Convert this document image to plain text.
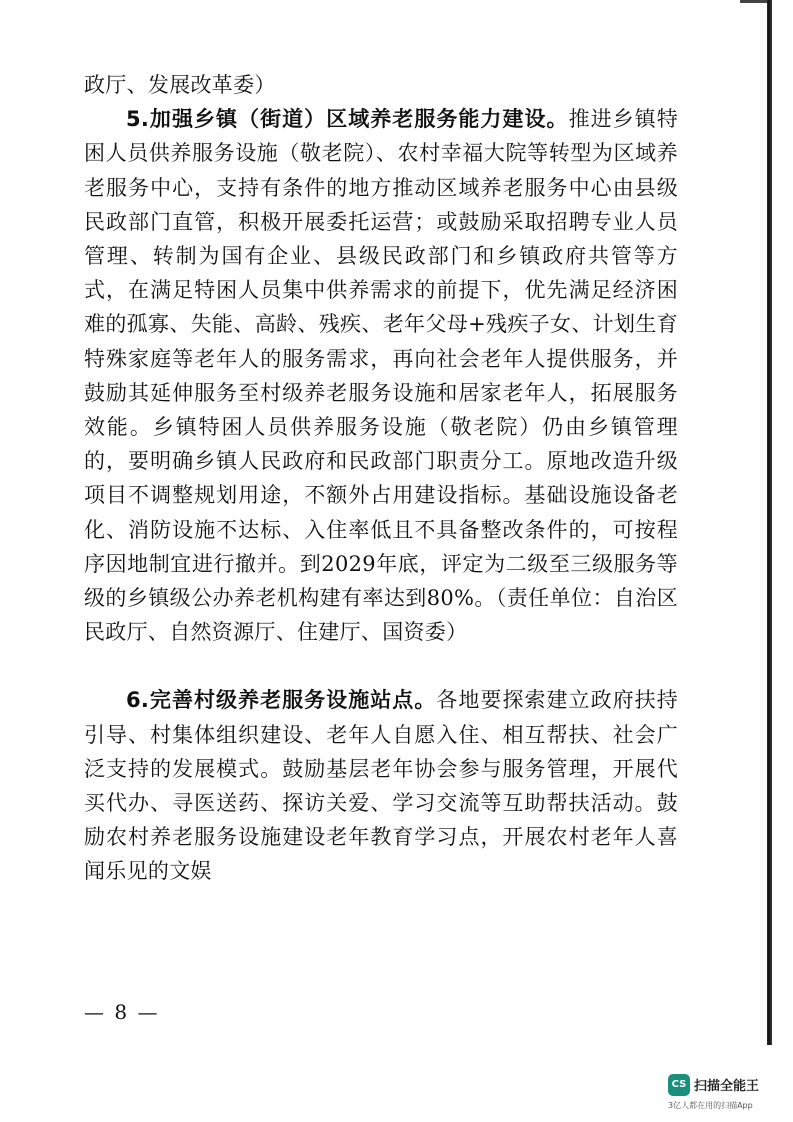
政厅、发展改革委）

5.加强乡镇（街道）区域养老服务能力建设。推进乡镇特困人员供养服务设施（敬老院）、农村幸福大院等转型为区域养老服务中心，支持有条件的地方推动区域养老服务中心由县级民政部门直管，积极开展委托运营；或鼓励采取招聘专业人员管理、转制为国有企业、县级民政部门和乡镇政府共管等方式，在满足特困人员集中供养需求的前提下，优先满足经济困难的孤寡、失能、高龄、残疾、老年父母+残疾子女、计划生育特殊家庭等老年人的服务需求，再向社会老年人提供服务，并鼓励其延伸服务至村级养老服务设施和居家老年人，拓展服务效能。乡镇特困人员供养服务设施（敬老院）仍由乡镇管理的，要明确乡镇人民政府和民政部门职责分工。原地改造升级项目不调整规划用途，不额外占用建设指标。基础设施设备老化、消防设施不达标、入住率低且不具备整改条件的，可按程序因地制宜进行撤并。到2029年底，评定为二级至三级服务等级的乡镇级公办养老机构建有率达到80%。（责任单位：自治区民政厅、自然资源厅、住建厅、国资委）

6.完善村级养老服务设施站点。各地要探索建立政府扶持引导、村集体组织建设、老年人自愿入住、相互帮扶、社会广泛支持的发展模式。鼓励基层老年协会参与服务管理，开展代买代办、寻医送药、探访关爱、学习交流等互助帮扶活动。鼓励农村养老服务设施建设老年教育学习点，开展农村老年人喜闻乐见的文娱

— 8 —
CS 扫描全能王
3亿人都在用的扫描App
